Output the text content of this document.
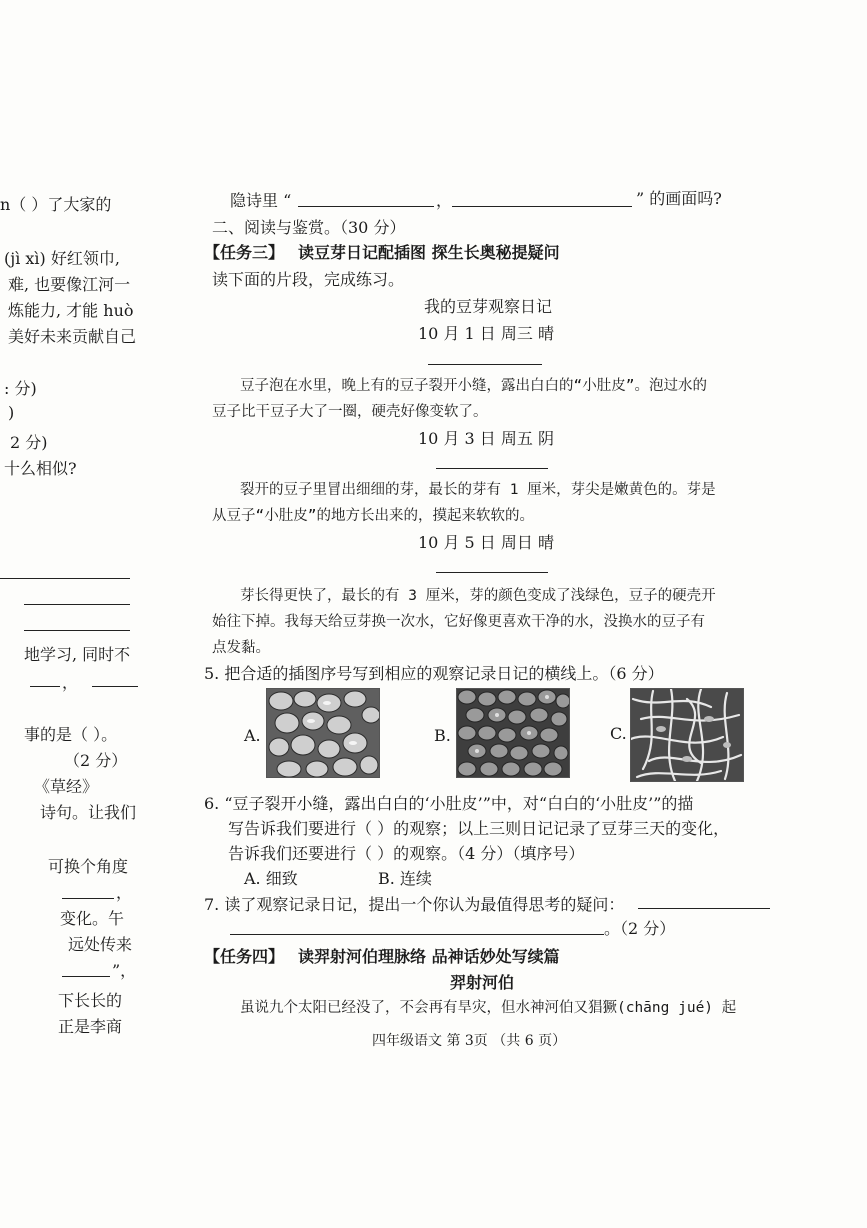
n（ ）了大家的
(jì xì) 好红领巾,
难, 也要像江河一
炼能力, 才能 huò
美好未来贡献自己
: 分)
)
2 分)
十么相似?
地学习, 同时不
，
事的是（ ）。
（2 分）
《草经》
诗句。让我们
可换个角度
，
变化。午
远处传来
”，
下长长的
正是李商
隐诗里 “	，	” 的画面吗?
二、阅读与鉴赏。（30 分）
【任务三】 读豆芽日记配插图 探生长奥秘提疑问
读下面的片段，完成练习。
我的豆芽观察日记
10 月 1 日 周三 晴
豆子泡在水里，晚上有的豆子裂开小缝，露出白白的“小肚皮”。泡过水的
豆子比干豆子大了一圈，硬壳好像变软了。
10 月 3 日 周五 阴
裂开的豆子里冒出细细的芽，最长的芽有 1 厘米，芽尖是嫩黄色的。芽是
从豆子“小肚皮”的地方长出来的，摸起来软软的。
10 月 5 日 周日 晴
芽长得更快了，最长的有 3 厘米，芽的颜色变成了浅绿色，豆子的硬壳开
始往下掉。我每天给豆芽换一次水，它好像更喜欢干净的水，没换水的豆子有
点发黏。
5. 把合适的插图序号写到相应的观察记录日记的横线上。（6 分）
A.	B.	C.
6. “豆子裂开小缝，露出白白的‘小肚皮’”中，对“白白的‘小肚皮’”的描
写告诉我们要进行（ ）的观察；以上三则日记记录了豆芽三天的变化，
告诉我们还要进行（ ）的观察。（4 分）（填序号）
A. 细致	B. 连续
7. 读了观察记录日记，提出一个你认为最值得思考的疑问：
。（2 分）
【任务四】 读羿射河伯理脉络 品神话妙处写续篇
羿射河伯
虽说九个太阳已经没了，不会再有旱灾，但水神河伯又猖獗(chāng jué) 起
四年级语文 第 3页 （共 6 页）
